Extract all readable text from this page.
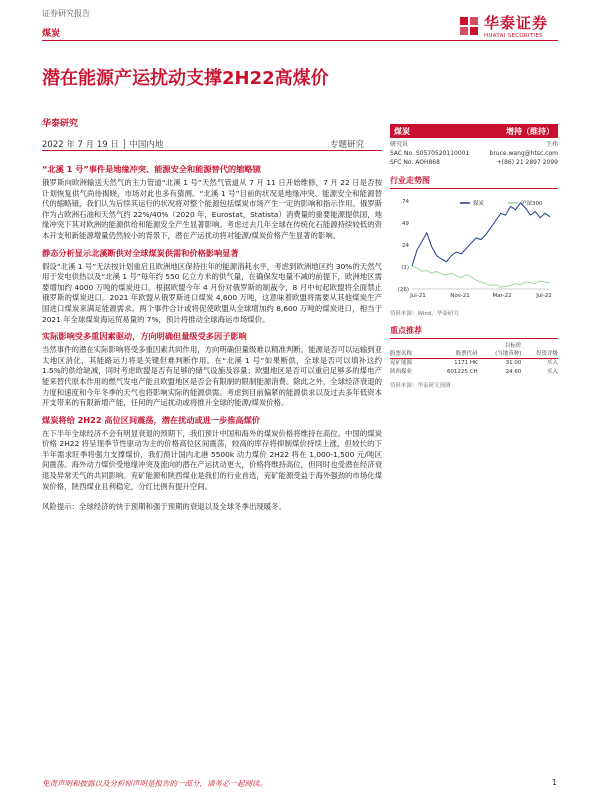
证券研究报告
华泰证券
HUATAI SECURITIES
煤炭
潜在能源产运扰动支撑2H22高煤价
华泰研究
2022 年 7 月 19 日 │ 中国内地	专题研究
“北溪 1 号”事件是地缘冲突、能源安全和能源替代的缩略镜
俄罗斯向欧洲输送天然气的主力管道“北溪 1 号”天然气管道从 7 月 11 日开始维修，7 月 22 日是否按计划恢复供气尚待揭晓，市场对此也多有猜测。“北溪 1 号”目前的状况是地缘冲突、能源安全和能源替代的缩略镜，我们认为后续其运行的状况将对整个能源包括煤炭市场产生一定的影响和指示作用。俄罗斯作为占欧洲石油和天然气约 22%/40%（2020 年，Eurostat，Statista）消费量的重要能源提供国，地缘冲突下其对欧洲的能源供给和能源安全产生显著影响。考虑过去几年全球在传统化石能源持续较低的资本开支和新能源增量仍然较小的背景下，潜在产运扰动将对能源/煤炭价格产生显著的影响。
静态分析显示北溪断供对全球煤炭供需和价格影响显著
假设“北溪 1 号”无法按计划重启且欧洲地区保持往年的能源消耗水平，考虑到欧洲地区约 30%的天然气用于发电供热以及“北溪 1 号”每年约 550 亿立方米的供气量，在确保发电量不减的前提下，欧洲地区需要增加约 4000 万吨的煤炭进口。根据欧盟今年 4 月份对俄罗斯的制裁令，8 月中旬起欧盟将全面禁止俄罗斯的煤炭进口。2021 年欧盟从俄罗斯进口煤炭 4,600 万吨，这意味着欧盟将需要从其他煤炭生产国进口煤炭来满足能源需求。两个事件合计或将促使欧盟从全球增加约 8,600 万吨的煤炭进口，相当于 2021 年全球煤炭海运贸易量的 7%，预计将推动全球海运市场煤价。
实际影响受多重因素驱动，方向明确但量级受多因子影响
当然事件的潜在实际影响将受多重因素共同作用，方向明确但量级难以精准判断。能源是否可以运输到亚太地区消化，其能路运力将是关键但难判断作用。在“北溪 1 号”如果断供，全球是否可以填补这约 1.5%的供给缺减，同时考虑欧盟是否有足够的储气设施及容量；欧盟地区是否可以重启足够多的煤电产能来替代原本作用的燃气发电产能且欧盟地区是否会有限制的限制能源消费。除此之外，全球经济衰退的力度和速度和今年冬季的天气也将影响实际的能源供需。考虑到目前偏紧的能源供求以及过去多年低资本开支带来的有限新增产能，任何的产运扰动或将推升全球的能源/煤炭价格。
煤炭将给 2H22 高位区间震荡，潜在扰动或进一步推高煤价
在下半年全球经济不会有明显衰退的预期下，我们预计中国和海外的煤炭价格将维持在高位。中国的煤炭价格 2H22 将呈现季节性驱动为主的价格高位区间震荡，较高的库存将抑制煤价持续上涨，但较长的下半年需求旺季将强力支撑煤价，我们预计国内北港 5500k 动力煤价 2H22 将在 1,000-1,500 元/吨区间震荡。海外动力煤价受地缘冲突及流向的潜在产运扰动更大，价格将维持高位，但同时也受潜在经济衰退及异常天气的共同影响。兖矿能源和陕西煤业是我们的行业首选，兖矿能源受益于海外强劲的市场化煤炭价格，陕西煤业且利稳定，分红比例有提升空间。
风险提示：全球经济的快于预期和强于预期的衰退以及全球冬季出现暖冬。
煤炭	增持（维持）
研究员	王玮
SAC No. S0570520110001	bruce.wang@htsc.com
SFC No. AOH868	+(86) 21 2897 2099
行业走势图
74
49
24
(1)
(26)
Jul-21	Nov-21	Mar-22	Jul-22
煤炭	沪深300
资料来源：Wind，华泰研究
重点推荐
		目标价	
股票名称	股票代码	(当地币种)	投资评级
兖矿能源	1171 HK	31.00	买入
陕西煤业	601225 CH	24.60	买入
资料来源：华泰研究预测
免责声明和披露以及分析师声明是报告的一部分，请务必一起阅读。	1
